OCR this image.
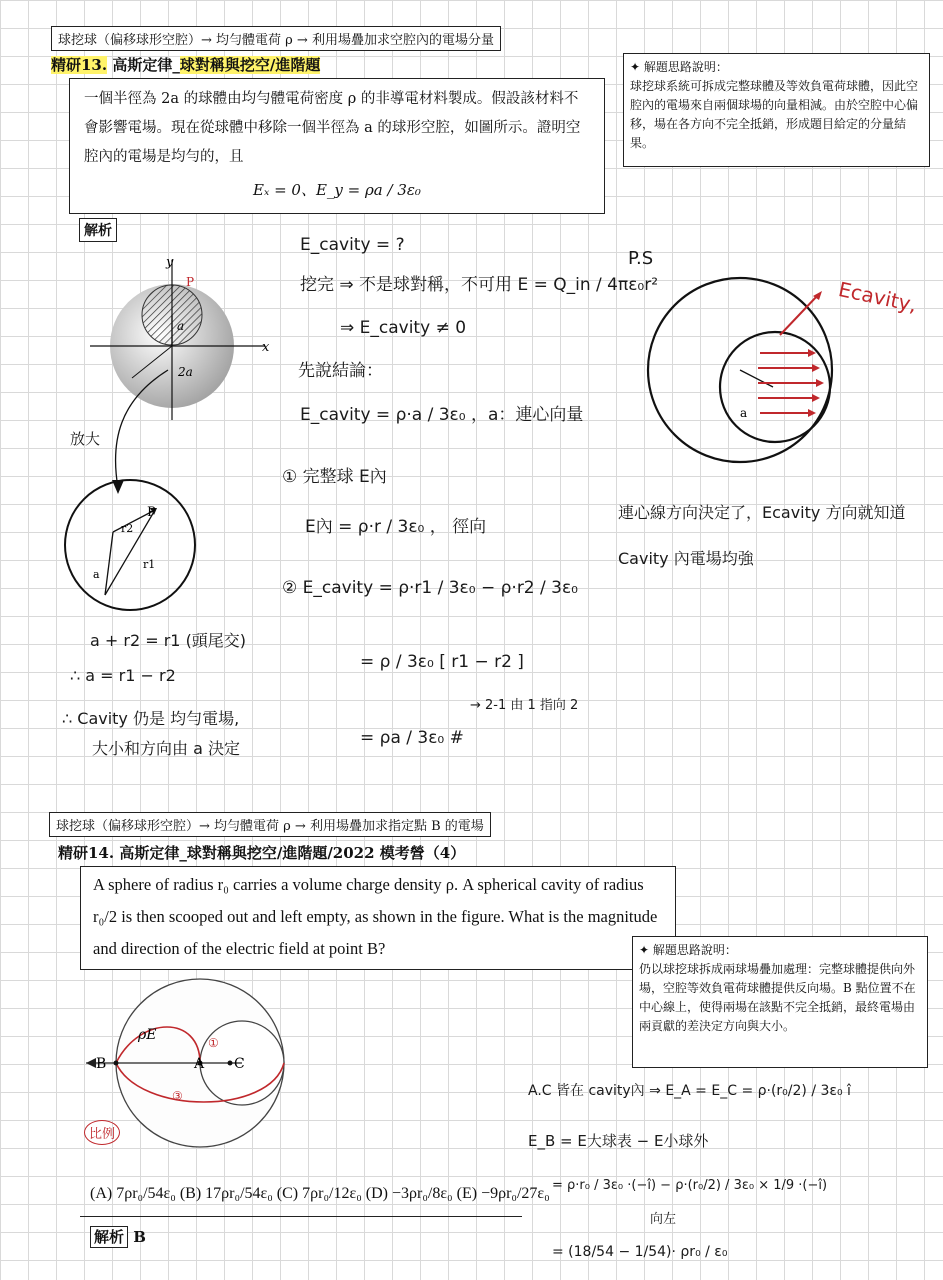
球挖球（偏移球形空腔）→ 均勻體電荷 ρ → 利用場疊加求空腔內的電場分量
精研13. 高斯定律_球對稱與挖空/進階題
一個半徑為 2a 的球體由均勻體電荷密度 ρ 的非導電材料製成。假設該材料不會影響電場。現在從球體中移除一個半徑為 a 的球形空腔，如圖所示。證明空腔內的電場是均勻的，且
Eₓ = 0、E_y = ρa / 3ε₀
✦ 解題思路說明：
球挖球系統可拆成完整球體及等效負電荷球體，因此空腔內的電場來自兩個球場的向量相減。由於空腔中心偏移，場在各方向不完全抵銷，形成題目給定的分量結果。
解析
y
x
P
a
2a
放大
P
r2
r1
a
E_cavity = ?
挖完 ⇒ 不是球對稱，不可用 E = Q_in / 4πε₀r²
⇒ E_cavity ≠ 0
先說結論：
E_cavity = ρ·a / 3ε₀ ，a：連心向量
① 完整球 E內
E內 = ρ·r / 3ε₀ ， 徑向
② E_cavity = ρ·r1 / 3ε₀ − ρ·r2 / 3ε₀
= ρ / 3ε₀ [ r1 − r2 ]
→ 2-1 由 1 指向 2
= ρa / 3ε₀ #
a + r2 = r1 (頭尾交)
∴ a = r1 − r2
∴ Cavity 仍是 均勻電場,
大小和方向由 a 決定
P.S
a
Ecavity,
連心線方向決定了，Ecavity 方向就知道
Cavity 內電場均強
球挖球（偏移球形空腔）→ 均勻體電荷 ρ → 利用場疊加求指定點 B 的電場
精研14. 高斯定律_球對稱與挖空/進階題/2022 模考營（4）
A sphere of radius r₀ carries a volume charge density ρ. A spherical cavity of radius r₀/2 is then scooped out and left empty, as shown in the figure. What is the magnitude and direction of the electric field at point B?	✦ 解題思路說明：
仍以球挖球拆成兩球場疊加處理：完整球體提供向外場，空腔等效負電荷球體提供反向場。B 點位置不在中心線上，使得兩場在該點不完全抵銷，最終電場由兩貢獻的差決定方向與大小。
ρE
B	A C
①
③
比例
(A) 7ρr₀/54ε₀ (B) 17ρr₀/54ε₀ (C) 7ρr₀/12ε₀ (D) −3ρr₀/8ε₀ (E) −9ρr₀/27ε₀
解析 B
A.C 皆在 cavity內 ⇒ E_A = E_C = ρ·(r₀/2) / 3ε₀ î
E_B = E大球表 − E小球外
= ρ·r₀ / 3ε₀ ·(−î) − ρ·(r₀/2) / 3ε₀ × 1/9 ·(−î)
向左
= (18/54 − 1/54)· ρr₀ / ε₀
